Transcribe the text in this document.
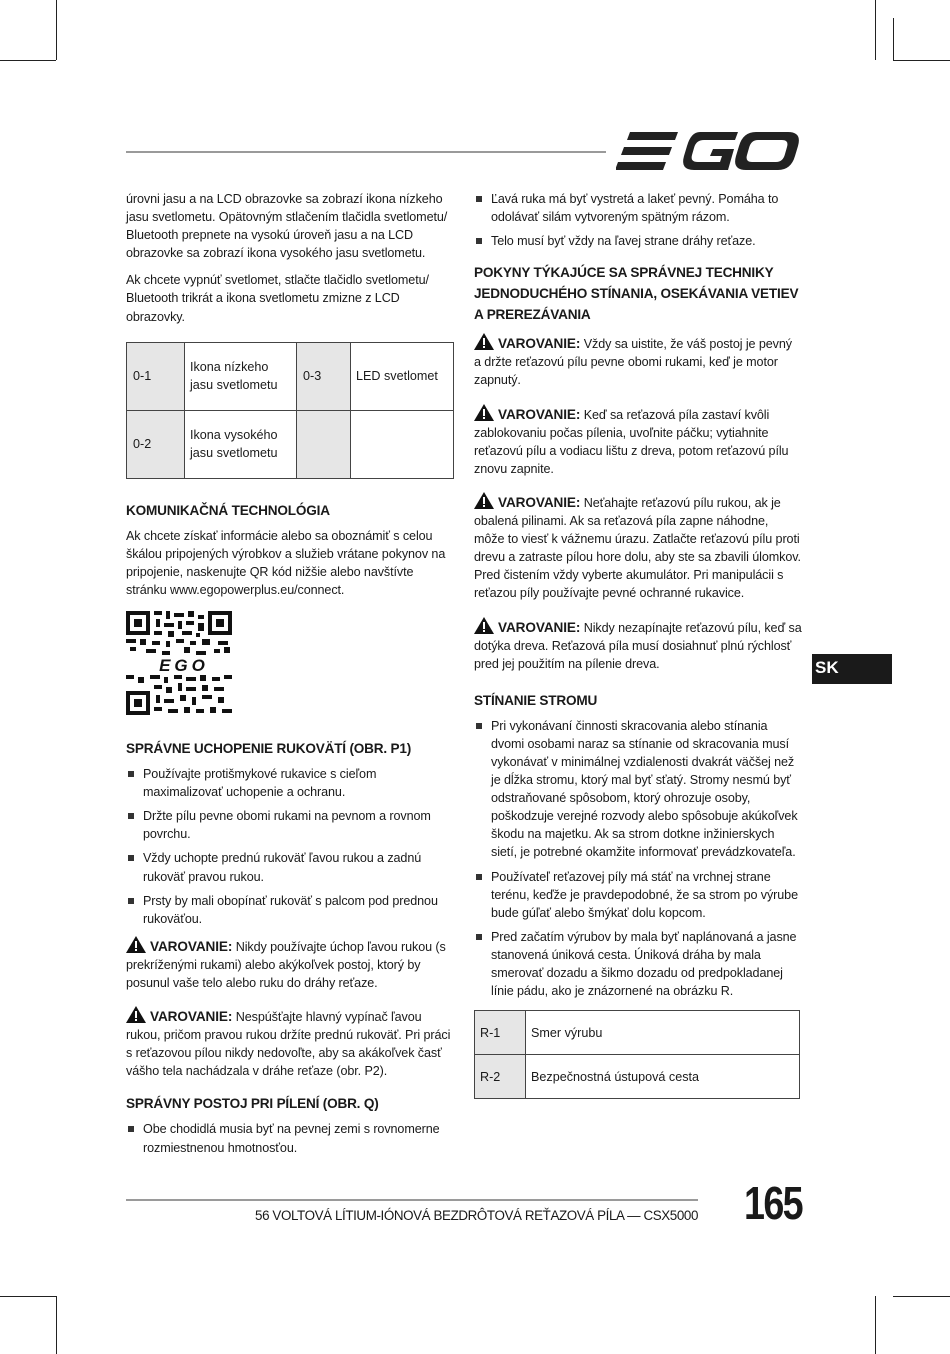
úrovni jasu a na LCD obrazovke sa zobrazí ikona nízkeho jasu svetlometu. Opätovným stlačením tlačidla svetlometu/ Bluetooth prepnete na vysokú úroveň jasu a na LCD obrazovke sa zobrazí ikona vysokého jasu svetlometu.

Ak chcete vypnúť svetlomet, stlačte tlačidlo svetlometu/ Bluetooth trikrát a ikona svetlometu zmizne z LCD obrazovky.

0-1	Ikona nízkeho jasu svetlometu	0-3	LED svetlomet
0-2	Ikona vysokého jasu svetlometu		
KOMUNIKAČNÁ TECHNOLÓGIA

Ak chcete získať informácie alebo sa oboznámiť s celou škálou pripojených výrobkov a služieb vrátane pokynov na pripojenie, naskenujte QR kód nižšie alebo navštívte stránku www.egopowerplus.eu/connect.

EGO
SPRÁVNE UCHOPENIE RUKOVÄTÍ (OBR. P1)
Používajte protišmykové rukavice s cieľom maximalizovať uchopenie a ochranu.
Držte pílu pevne obomi rukami na pevnom a rovnom povrchu.
Vždy uchopte prednú rukoväť ľavou rukou a zadnú rukoväť pravou rukou.
Prsty by mali obopínať rukoväť s palcom pod prednou rukoväťou.

VAROVANIE: Nikdy používajte úchop ľavou rukou (s prekríženými rukami) alebo akýkoľvek postoj, ktorý by posunul vaše telo alebo ruku do dráhy reťaze.

VAROVANIE: Nespúšťajte hlavný vypínač ľavou rukou, pričom pravou rukou držíte prednú rukoväť. Pri práci s reťazovou pílou nikdy nedovoľte, aby sa akákoľvek časť vášho tela nachádzala v dráhe reťaze (obr. P2).

SPRÁVNY POSTOJ PRI PÍLENÍ (OBR. Q)
Obe chodidlá musia byť na pevnej zemi s rovnomerne rozmiestnenou hmotnosťou.
Ľavá ruka má byť vystretá a lakeť pevný. Pomáha to odolávať silám vytvoreným spätným rázom.
Telo musí byť vždy na ľavej strane dráhy reťaze.
POKYNY TÝKAJÚCE SA SPRÁVNEJ TECHNIKY JEDNODUCHÉHO STÍNANIA, OSEKÁVANIA VETIEV A PREREZÁVANIA

VAROVANIE: Vždy sa uistite, že váš postoj je pevný a držte reťazovú pílu pevne obomi rukami, keď je motor zapnutý.

VAROVANIE: Keď sa reťazová píla zastaví kvôli zablokovaniu počas pílenia, uvoľnite páčku; vytiahnite reťazovú pílu a vodiacu lištu z dreva, potom reťazovú pílu znovu zapnite.

VAROVANIE: Neťahajte reťazovú pílu rukou, ak je obalená pilinami. Ak sa reťazová píla zapne náhodne, môže to viesť k vážnemu úrazu. Zatlačte reťazovú pílu proti drevu a zatraste pílou hore dolu, aby ste sa zbavili úlomkov. Pred čistením vždy vyberte akumulátor. Pri manipulácii s reťazou píly používajte pevné ochranné rukavice.

VAROVANIE: Nikdy nezapínajte reťazovú pílu, keď sa dotýka dreva. Reťazová píla musí dosiahnuť plnú rýchlosť pred jej použitím na pílenie dreva.

STÍNANIE STROMU
Pri vykonávaní činnosti skracovania alebo stínania dvomi osobami naraz sa stínanie od skracovania musí vykonávať v minimálnej vzdialenosti dvakrát väčšej než je dĺžka stromu, ktorý mal byť sťatý. Stromy nesmú byť odstraňované spôsobom, ktorý ohrozuje osoby, poškodzuje verejné rozvody alebo spôsobuje akúkoľvek škodu na majetku. Ak sa strom dotkne inžinierskych sietí, je potrebné okamžite informovať prevádzkovateľa.
Používateľ reťazovej píly má stáť na vrchnej strane terénu, keďže je pravdepodobné, že sa strom po výrube bude gúľať alebo šmýkať dolu kopcom.
Pred začatím výrubov by mala byť naplánovaná a jasne stanovená úniková cesta. Úniková dráha by mala smerovať dozadu a šikmo dozadu od predpokladanej línie pádu, ako je znázornené na obrázku R.
R-1	Smer výrubu
R-2	Bezpečnostná ústupová cesta
SK
56 VOLTOVÁ LÍTIUM-IÓNOVÁ BEZDRÔTOVÁ REŤAZOVÁ PÍLA — CSX5000 165
